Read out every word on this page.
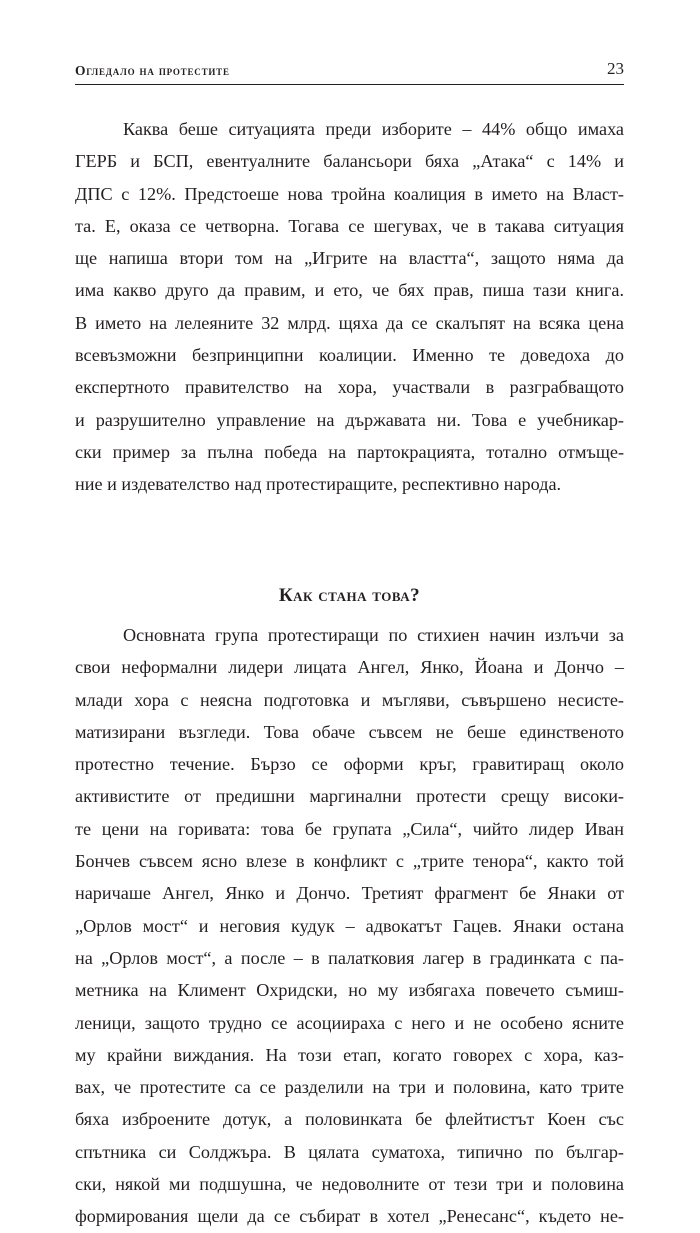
Огледало на протестите	23

Каква беше ситуацията преди изборите – 44% общо имаха
ГЕРБ и БСП, евентуалните балансьори бяха „Атака“ с 14% и
ДПС с 12%. Предстоеше нова тройна коалиция в името на Власт-
та. Е, оказа се четворна. Тогава се шегувах, че в такава ситуация
ще напиша втори том на „Игрите на властта“, защото няма да
има какво друго да правим, и ето, че бях прав, пиша тази книга.
В името на лелеяните 32 млрд. щяха да се скалъпят на всяка цена
всевъзможни безпринципни коалиции. Именно те доведоха до
експертното правителство на хора, участвали в разграбващото
и разрушително управление на държавата ни. Това е учебникар-
ски пример за пълна победа на партокрацията, тотално отмъще-
ние и издевателство над протестиращите, респективно народа.

Как стана това?

Основната група протестиращи по стихиен начин излъчи за
свои неформални лидери лицата Ангел, Янко, Йоана и Дончо –
млади хора с неясна подготовка и мъгляви, съвършено несисте-
матизирани възгледи. Това обаче съвсем не беше единственото
протестно течение. Бързо се оформи кръг, гравитиращ около
активистите от предишни маргинални протести срещу високи-
те цени на горивата: това бе групата „Сила“, чийто лидер Иван
Бончев съвсем ясно влезе в конфликт с „трите тенора“, както той
наричаше Ангел, Янко и Дончо. Третият фрагмент бе Янаки от
„Орлов мост“ и неговия кудук – адвокатът Гацев. Янаки остана
на „Орлов мост“, а после – в палатковия лагер в градинката с па-
метника на Климент Охридски, но му избягаха повечето съмиш-
леници, защото трудно се асоциираха с него и не особено ясните
му крайни виждания. На този етап, когато говорех с хора, каз-
вах, че протестите са се разделили на три и половина, като трите
бяха изброените дотук, а половинката бе флейтистът Коен със
спътника си Солджъра. В цялата суматоха, типично по българ-
ски, някой ми подшушна, че недоволните от тези три и половина
формирования щели да се събират в хотел „Ренесанс“, където не-
